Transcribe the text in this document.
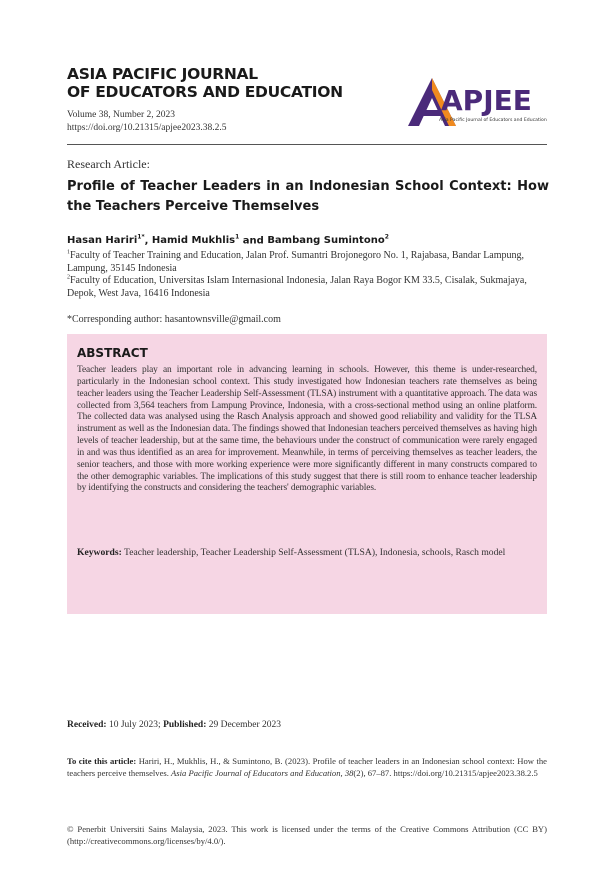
ASIA PACIFIC JOURNAL
OF EDUCATORS AND EDUCATION
Volume 38, Number 2, 2023
https://doi.org/10.21315/apjee2023.38.2.5
APJEE
Asia Pacific Journal of Educators and Education
Research Article:
Profile of Teacher Leaders in an Indonesian School Context: How the Teachers Perceive Themselves
Hasan Hariri$^{1*}$, Hamid Mukhlis$^1$ and Bambang Sumintono$^2$
$^1$Faculty of Teacher Training and Education, Jalan Prof. Sumantri Brojonegoro No. 1, Rajabasa, Bandar Lampung, Lampung, 35145 Indonesia
$^2$Faculty of Education, Universitas Islam Internasional Indonesia, Jalan Raya Bogor KM 33.5, Cisalak, Sukmajaya, Depok, West Java, 16416 Indonesia
*Corresponding author: hasantownsville@gmail.com
ABSTRACT
Teacher leaders play an important role in advancing learning in schools. However, this theme is under-researched, particularly in the Indonesian school context. This study investigated how Indonesian teachers rate themselves as being teacher leaders using the Teacher Leadership Self-Assessment (TLSA) instrument with a quantitative approach. The data was collected from 3,564 teachers from Lampung Province, Indonesia, with a cross-sectional method using an online platform. The collected data was analysed using the Rasch Analysis approach and showed good reliability and validity for the TLSA instrument as well as the Indonesian data. The findings showed that Indonesian teachers perceived themselves as having high levels of teacher leadership, but at the same time, the behaviours under the construct of communication were rarely engaged in and was thus identified as an area for improvement. Meanwhile, in terms of perceiving themselves as teacher leaders, the senior teachers, and those with more working experience were more significantly different in many constructs compared to the other demographic variables. The implications of this study suggest that there is still room to enhance teacher leadership by identifying the constructs and considering the teachers' demographic variables.
Keywords: Teacher leadership, Teacher Leadership Self-Assessment (TLSA), Indonesia, schools, Rasch model
Received: 10 July 2023; Published: 29 December 2023
To cite this article: Hariri, H., Mukhlis, H., & Sumintono, B. (2023). Profile of teacher leaders in an Indonesian school context: How the teachers perceive themselves. Asia Pacific Journal of Educators and Education, 38(2), 67–87. https://doi.org/10.21315/apjee2023.38.2.5
© Penerbit Universiti Sains Malaysia, 2023. This work is licensed under the terms of the Creative Commons Attribution (CC BY) (http://creativecommons.org/licenses/by/4.0/).
